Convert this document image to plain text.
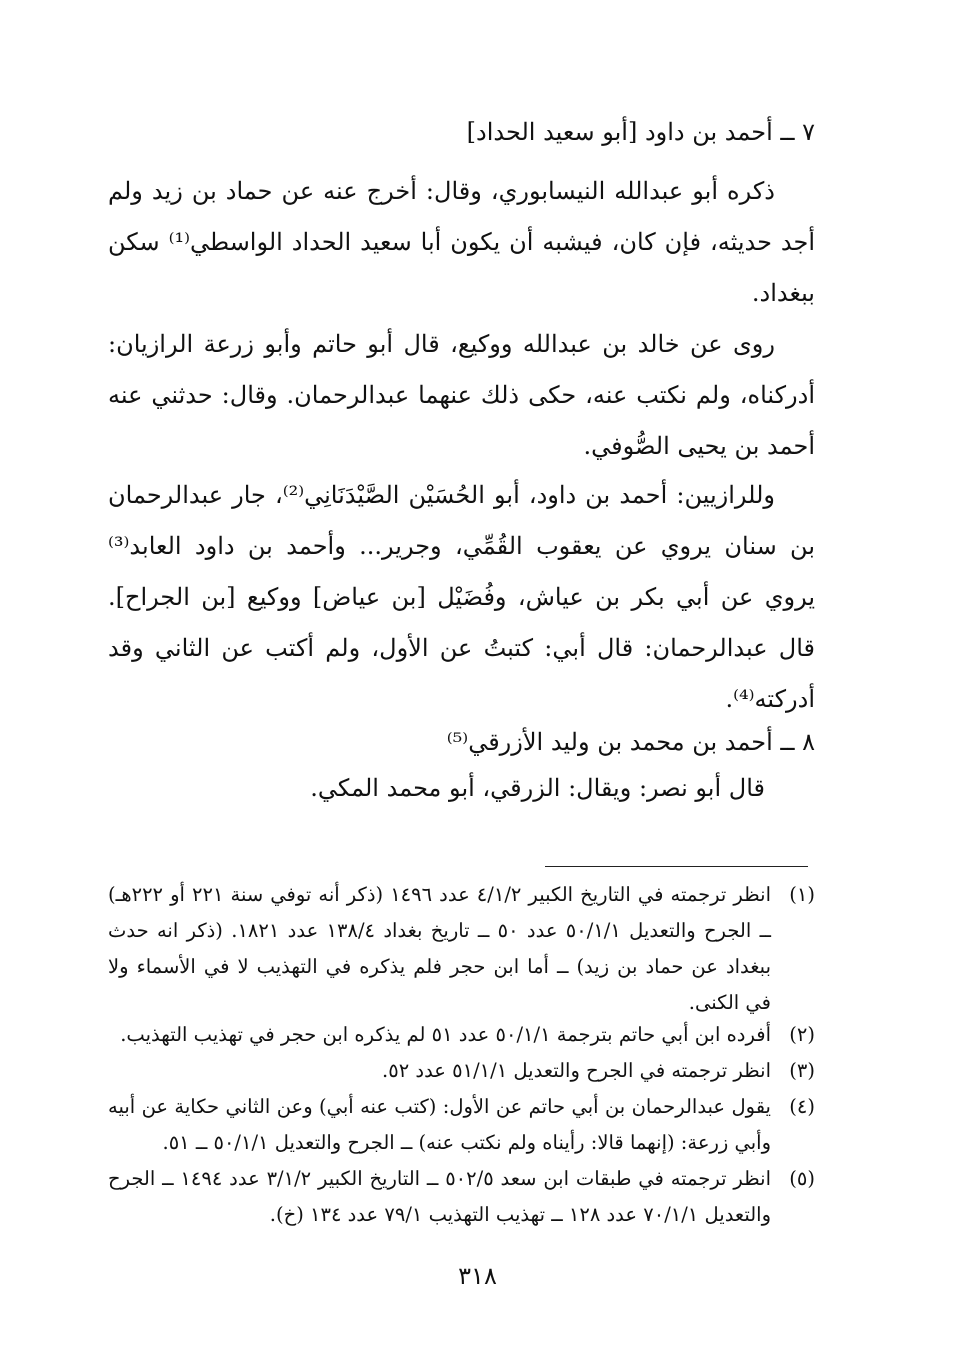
٧ ــ أحمد بن داود [أبو سعيد الحداد]
ذكره أبو عبدالله النيسابوري، وقال: أخرج عنه عن حماد بن زيد ولم أجد حديثه، فإن كان، فيشبه أن يكون أبا سعيد الحداد الواسطي⁽¹⁾ سكن ببغداد.
روى عن خالد بن عبدالله ووكيع، قال أبو حاتم وأبو زرعة الرازيان: أدركناه، ولم نكتب عنه، حكى ذلك عنهما عبدالرحمان. وقال: حدثني عنه أحمد بن يحيى الصُّوفي.
وللرازيين: أحمد بن داود، أبو الحُسَيْن الصَّيْدَنَانِي⁽²⁾، جار عبدالرحمان بن سنان يروي عن يعقوب القُمِّي، وجرير... وأحمد بن داود العابد⁽³⁾ يروي عن أبي بكر بن عياش، وفُضَيْل [بن عياض] ووكيع [بن الجراح]. قال عبدالرحمان: قال أبي: كتبتُ عن الأول، ولم أكتب عن الثاني وقد أدركته⁽⁴⁾.
٨ ــ أحمد بن محمد بن وليد الأزرقي⁽⁵⁾
قال أبو نصر: ويقال: الزرقي، أبو محمد المكي.
(١)
انظر ترجمته في التاريخ الكبير ٤/١/٢ عدد ١٤٩٦ (ذكر أنه توفي سنة ٢٢١ أو ٢٢٢هـ) ــ الجرح والتعديل ٥٠/١/١ عدد ٥٠ ــ تاريخ بغداد ١٣٨/٤ عدد ١٨٢١. (ذكر انه حدث ببغداد عن حماد بن زيد) ــ أما ابن حجر فلم يذكره في التهذيب لا في الأسماء ولا في الكنى.
(٢)
أفرده ابن أبي حاتم بترجمة ٥٠/١/١ عدد ٥١ لم يذكره ابن حجر في تهذيب التهذيب.
(٣)
انظر ترجمته في الجرح والتعديل ٥١/١/١ عدد ٥٢.
(٤)
يقول عبدالرحمان بن أبي حاتم عن الأول: (كتب عنه أبي) وعن الثاني حكاية عن أبيه وأبي زرعة: (إنهما قالا: رأيناه ولم نكتب عنه) ــ الجرح والتعديل ٥٠/١/١ ــ ٥١.
(٥)
انظر ترجمته في طبقات ابن سعد ٥٠٢/٥ ــ التاريخ الكبير ٣/١/٢ عدد ١٤٩٤ ــ الجرح والتعديل ٧٠/١/١ عدد ١٢٨ ــ تهذيب التهذيب ٧٩/١ عدد ١٣٤ (خ).
٣١٨
